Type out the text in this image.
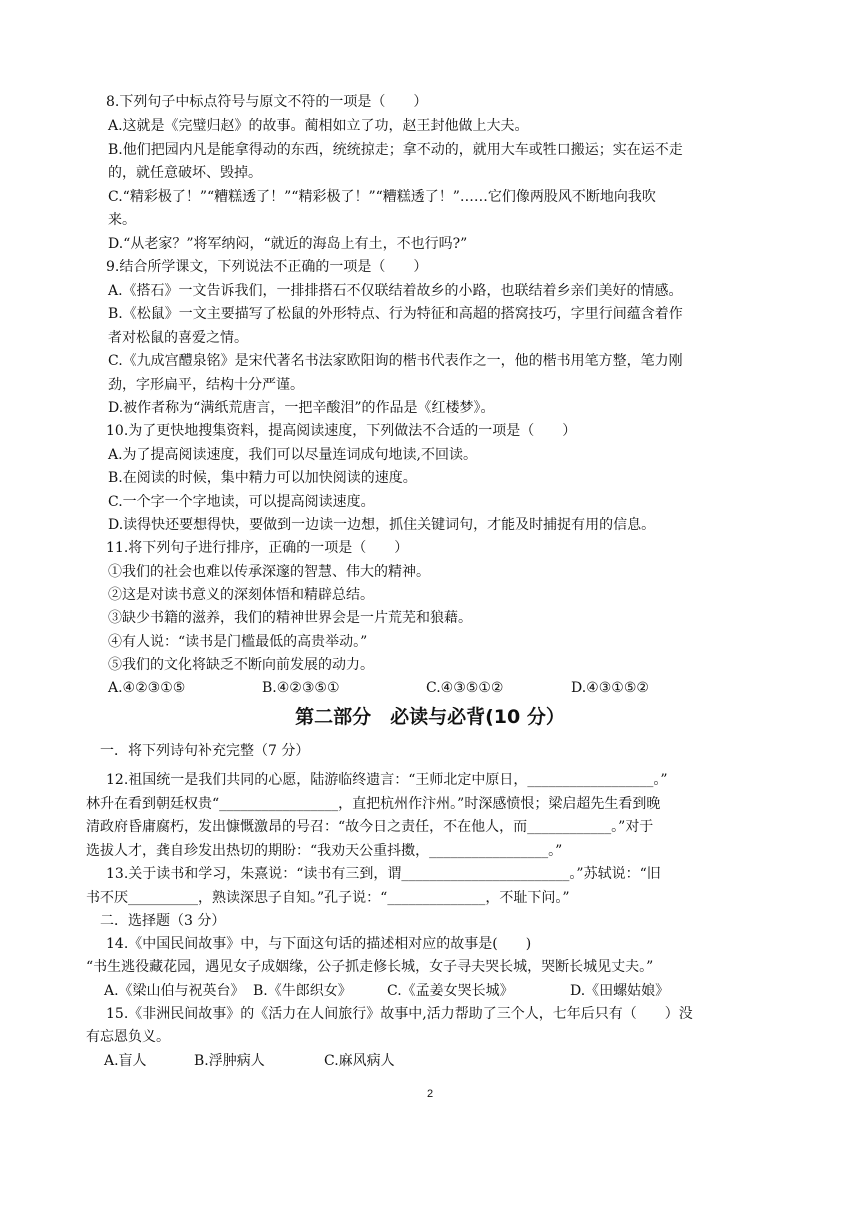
8.下列句子中标点符号与原文不符的一项是（　　）
A.这就是《完璧归赵》的故事。蔺相如立了功，赵王封他做上大夫。
B.他们把园内凡是能拿得动的东西，统统掠走；拿不动的，就用大车或牲口搬运；实在运不走
的，就任意破坏、毁掉。
C.“精彩极了！”“糟糕透了！”“精彩极了！”“糟糕透了！”……它们像两股风不断地向我吹
来。
D.“从老家？”将军纳闷，“就近的海岛上有土，不也行吗?”
9.结合所学课文，下列说法不正确的一项是（　　）
A.《搭石》一文告诉我们，一排排搭石不仅联结着故乡的小路，也联结着乡亲们美好的情感。
B.《松鼠》一文主要描写了松鼠的外形特点、行为特征和高超的搭窝技巧，字里行间蕴含着作
者对松鼠的喜爱之情。
C.《九成宫醴泉铭》是宋代著名书法家欧阳询的楷书代表作之一，他的楷书用笔方整，笔力刚
劲，字形扁平，结构十分严谨。
D.被作者称为“满纸荒唐言，一把辛酸泪”的作品是《红楼梦》。
10.为了更快地搜集资料，提高阅读速度，下列做法不合适的一项是（　　）
A.为了提高阅读速度，我们可以尽量连词成句地读,不回读。
B.在阅读的时候，集中精力可以加快阅读的速度。
C.一个字一个字地读，可以提高阅读速度。
D.读得快还要想得快，要做到一边读一边想，抓住关键词句，才能及时捕捉有用的信息。
11.将下列句子进行排序，正确的一项是（　　）
①我们的社会也难以传承深邃的智慧、伟大的精神。
②这是对读书意义的深刻体悟和精辟总结。
③缺少书籍的滋养，我们的精神世界会是一片荒芜和狼藉。
④有人说：“读书是门槛最低的高贵举动。”
⑤我们的文化将缺乏不断向前发展的动力。
A.④②③①⑤	B.④②③⑤①	C.④③⑤①②	D.④③①⑤②
第二部分　必读与必背(10 分）
一．将下列诗句补充完整（7 分）
12.祖国统一是我们共同的心愿，陆游临终遗言：“王师北定中原日，__________________。”
林升在看到朝廷权贵“_________________，直把杭州作汴州。”时深感愤恨；梁启超先生看到晚
清政府昏庸腐朽，发出慷慨激昂的号召：“故今日之责任，不在他人，而____________。”对于
选拔人才，龚自珍发出热切的期盼：“我劝天公重抖擞，_________________。”
13.关于读书和学习，朱熹说：“读书有三到，谓________________________。”苏轼说：“旧
书不厌__________，熟读深思子自知。”孔子说：“______________，不耻下问。”
二．选择题（3 分）
14.《中国民间故事》中，与下面这句话的描述相对应的故事是(　　)
“书生逃役藏花园，遇见女子成姻缘，公子抓走修长城，女子寻夫哭长城，哭断长城见丈夫。”
A.《梁山伯与祝英台》 B.《牛郎织女》	C.《孟姜女哭长城》	D.《田螺姑娘》
15.《非洲民间故事》的《活力在人间旅行》故事中,活力帮助了三个人，七年后只有（　　）没
有忘恩负义。
A.盲人	B.浮肿病人	C.麻风病人
2
